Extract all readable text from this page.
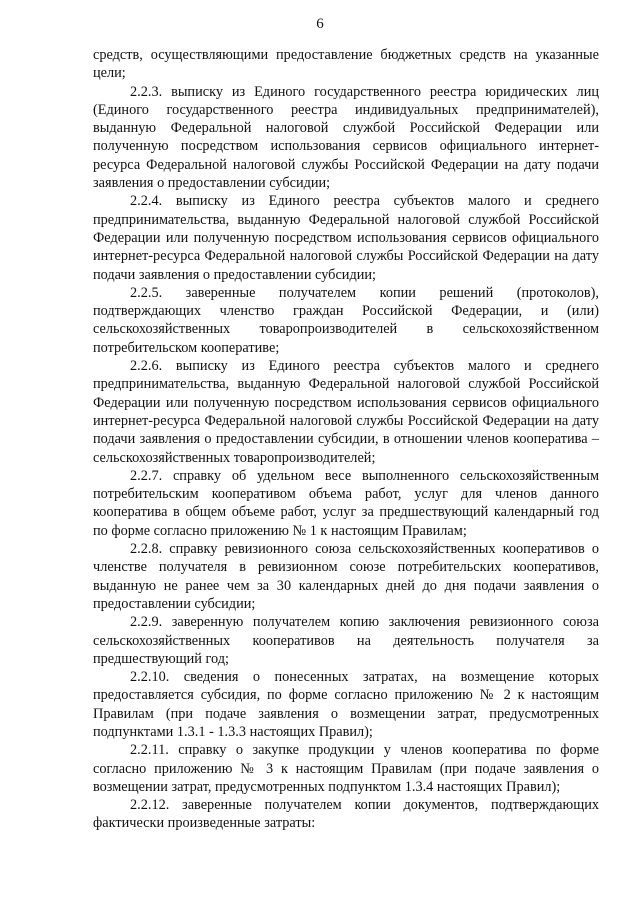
6

средств, осуществляющими предоставление бюджетных средств на указанные цели;

2.2.3. выписку из Единого государственного реестра юридических лиц (Единого государственного реестра индивидуальных предпринимателей), выданную Федеральной налоговой службой Российской Федерации или полученную посредством использования сервисов официального интернет-ресурса Федеральной налоговой службы Российской Федерации на дату подачи заявления о предоставлении субсидии;

2.2.4. выписку из Единого реестра субъектов малого и среднего предпринимательства, выданную Федеральной налоговой службой Российской Федерации или полученную посредством использования сервисов официального интернет-ресурса Федеральной налоговой службы Российской Федерации на дату подачи заявления о предоставлении субсидии;

2.2.5. заверенные получателем копии решений (протоколов), подтверждающих членство граждан Российской Федерации, и (или) сельскохозяйственных товаропроизводителей в сельскохозяйственном потребительском кооперативе;

2.2.6. выписку из Единого реестра субъектов малого и среднего предпринимательства, выданную Федеральной налоговой службой Российской Федерации или полученную посредством использования сервисов официального интернет-ресурса Федеральной налоговой службы Российской Федерации на дату подачи заявления о предоставлении субсидии, в отношении членов кооператива – сельскохозяйственных товаропроизводителей;

2.2.7. справку об удельном весе выполненного сельскохозяйственным потребительским кооперативом объема работ, услуг для членов данного кооператива в общем объеме работ, услуг за предшествующий календарный год по форме согласно приложению № 1 к настоящим Правилам;

2.2.8. справку ревизионного союза сельскохозяйственных кооперативов о членстве получателя в ревизионном союзе потребительских кооперативов, выданную не ранее чем за 30 календарных дней до дня подачи заявления о предоставлении субсидии;

2.2.9. заверенную получателем копию заключения ревизионного союза сельскохозяйственных кооперативов на деятельность получателя за предшествующий год;

2.2.10. сведения о понесенных затратах, на возмещение которых предоставляется субсидия, по форме согласно приложению № 2 к настоящим Правилам (при подаче заявления о возмещении затрат, предусмотренных подпунктами 1.3.1 - 1.3.3 настоящих Правил);

2.2.11. справку о закупке продукции у членов кооператива по форме согласно приложению № 3 к настоящим Правилам (при подаче заявления о возмещении затрат, предусмотренных подпунктом 1.3.4 настоящих Правил);

2.2.12. заверенные получателем копии документов, подтверждающих фактически произведенные затраты:
